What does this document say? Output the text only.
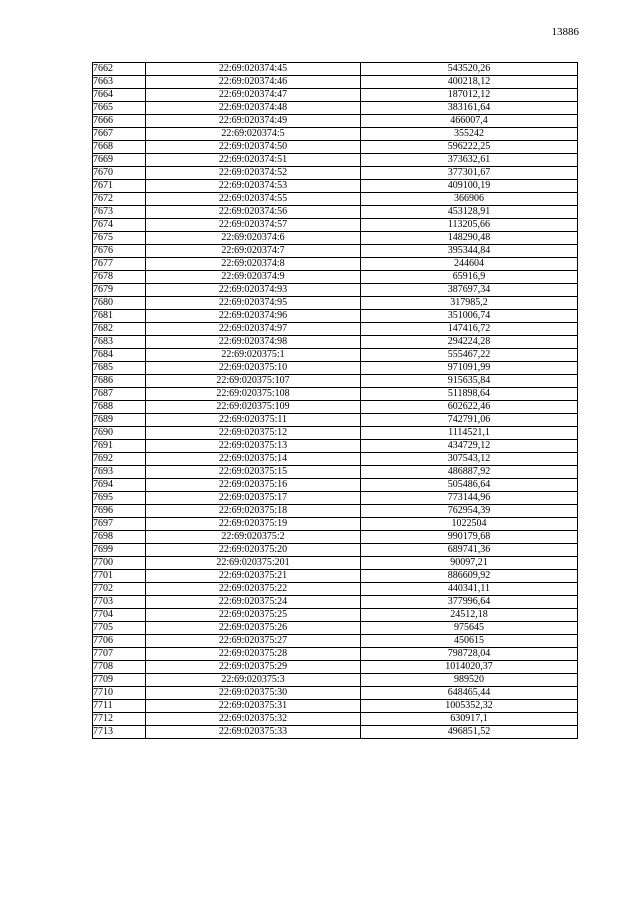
13886
7662	22:69:020374:45	543520,26
7663	22:69:020374:46	400218,12
7664	22:69:020374:47	187012,12
7665	22:69:020374:48	383161,64
7666	22:69:020374:49	466007,4
7667	22:69:020374:5	355242
7668	22:69:020374:50	596222,25
7669	22:69:020374:51	373632,61
7670	22:69:020374:52	377301,67
7671	22:69:020374:53	409100,19
7672	22:69:020374:55	366906
7673	22:69:020374:56	453128,91
7674	22:69:020374:57	113205,66
7675	22:69:020374:6	148290,48
7676	22:69:020374:7	395344,84
7677	22:69:020374:8	244604
7678	22:69:020374:9	65916,9
7679	22:69:020374:93	387697,34
7680	22:69:020374:95	317985,2
7681	22:69:020374:96	351006,74
7682	22:69:020374:97	147416,72
7683	22:69:020374:98	294224,28
7684	22:69:020375:1	555467,22
7685	22:69:020375:10	971091,99
7686	22:69:020375:107	915635,84
7687	22:69:020375:108	511898,64
7688	22:69:020375:109	602622,46
7689	22:69:020375:11	742791,06
7690	22:69:020375:12	1114521,1
7691	22:69:020375:13	434729,12
7692	22:69:020375:14	307543,12
7693	22:69:020375:15	486887,92
7694	22:69:020375:16	505486,64
7695	22:69:020375:17	773144,96
7696	22:69:020375:18	762954,39
7697	22:69:020375:19	1022504
7698	22:69:020375:2	990179,68
7699	22:69:020375:20	689741,36
7700	22:69:020375:201	90097,21
7701	22:69:020375:21	886609,92
7702	22:69:020375:22	440341,11
7703	22:69:020375:24	377996,64
7704	22:69:020375:25	24512,18
7705	22:69:020375:26	975645
7706	22:69:020375:27	450615
7707	22:69:020375:28	798728,04
7708	22:69:020375:29	1014020,37
7709	22:69:020375:3	989520
7710	22:69:020375:30	648465,44
7711	22:69:020375:31	1005352,32
7712	22:69:020375:32	630917,1
7713	22:69:020375:33	496851,52
